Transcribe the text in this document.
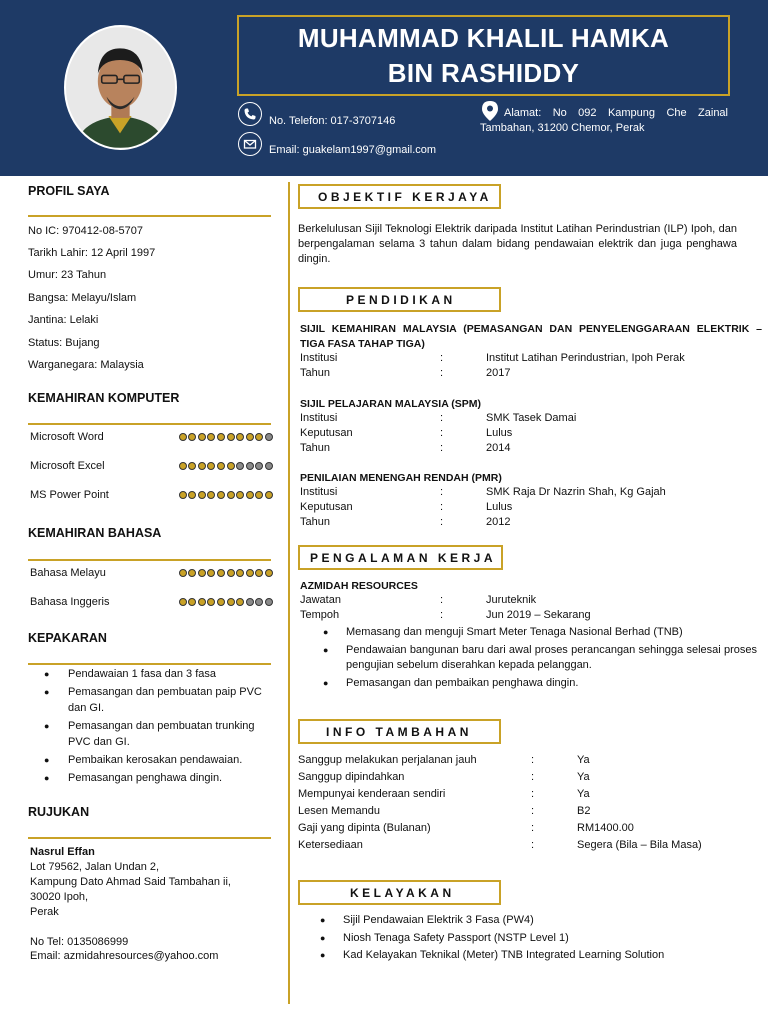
MUHAMMAD KHALIL HAMKA
BIN RASHIDDY
No. Telefon: 017-3707146
Email: guakelam1997@gmail.com
Alamat: No 092 Kampung Che Zainal Tambahan, 31200 Chemor, Perak
PROFIL SAYA
No IC: 970412-08-5707
Tarikh Lahir: 12 April 1997
Umur: 23 Tahun
Bangsa: Melayu/Islam
Jantina: Lelaki
Status: Bujang
Warganegara: Malaysia
KEMAHIRAN KOMPUTER
Microsoft Word
Microsoft Excel
MS Power Point
KEMAHIRAN BAHASA
Bahasa Melayu
Bahasa Inggeris
KEPAKARAN
● Pendawaian 1 fasa dan 3 fasa
● Pemasangan dan pembuatan paip PVC dan GI.
● Pemasangan dan pembuatan trunking PVC dan GI.
● Pembaikan kerosakan pendawaian.
● Pemasangan penghawa dingin.
RUJUKAN
Nasrul Effan
Lot 79562, Jalan Undan 2,
Kampung Dato Ahmad Said Tambahan ii,
30020 Ipoh,
Perak
No Tel: 0135086999
Email: azmidahresources@yahoo.com
OBJEKTIF KERJAYA
Berkelulusan Sijil Teknologi Elektrik daripada Institut Latihan Perindustrian (ILP) Ipoh, dan berpengalaman selama 3 tahun dalam bidang pendawaian elektrik dan juga penghawa dingin.
PENDIDIKAN
SIJIL KEMAHIRAN MALAYSIA (PEMASANGAN DAN PENYELENGGARAAN ELEKTRIK – TIGA FASA TAHAP TIGA)
Institusi	:	Institut Latihan Perindustrian, Ipoh Perak
Tahun	:	2017
SIJIL PELAJARAN MALAYSIA (SPM)
Institusi	:	SMK Tasek Damai
Keputusan	:	Lulus
Tahun	:	2014
PENILAIAN MENENGAH RENDAH (PMR)
Institusi	:	SMK Raja Dr Nazrin Shah, Kg Gajah
Keputusan	:	Lulus
Tahun	:	2012
PENGALAMAN KERJA
AZMIDAH RESOURCES
Jawatan	:	Juruteknik
Tempoh	:	Jun 2019 – Sekarang
● Memasang dan menguji Smart Meter Tenaga Nasional Berhad (TNB)
● Pendawaian bangunan baru dari awal proses perancangan sehingga selesai proses pengujian sebelum diserahkan kepada pelanggan.
● Pemasangan dan pembaikan penghawa dingin.
INFO TAMBAHAN
Sanggup melakukan perjalanan jauh	:	Ya
Sanggup dipindahkan	:	Ya
Mempunyai kenderaan sendiri	:	Ya
Lesen Memandu	:	B2
Gaji yang dipinta (Bulanan)	:	RM1400.00
Ketersediaan	:	Segera (Bila – Bila Masa)
KELAYAKAN
● Sijil Pendawaian Elektrik 3 Fasa (PW4)
● Niosh Tenaga Safety Passport (NSTP Level 1)
● Kad Kelayakan Teknikal (Meter) TNB Integrated Learning Solution
